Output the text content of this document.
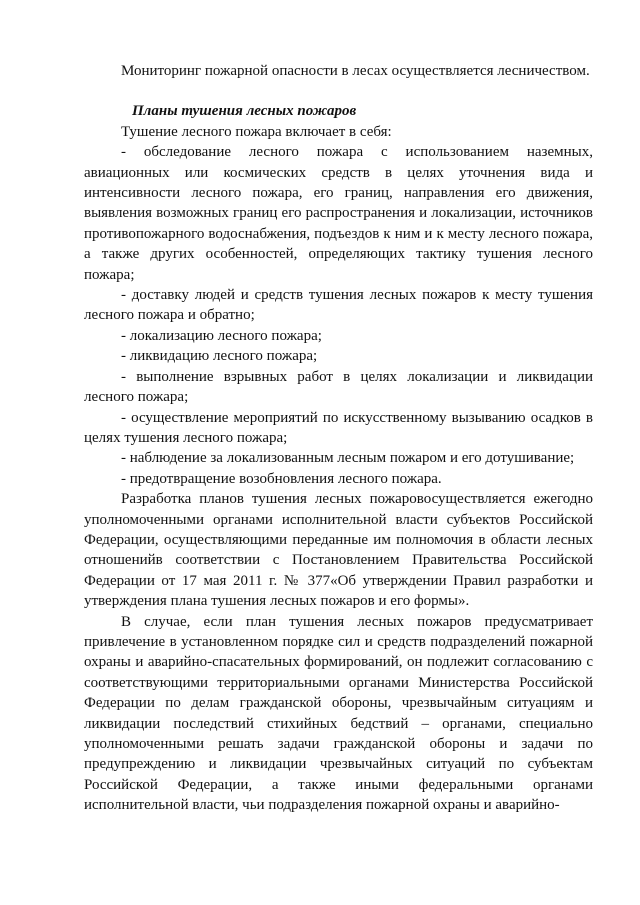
Мониторинг пожарной опасности в лесах осуществляется лесничеством.

Планы тушения лесных пожаров

Тушение лесного пожара включает в себя:

- обследование лесного пожара с использованием наземных, авиационных или космических средств в целях уточнения вида и интенсивности лесного пожара, его границ, направления его движения, выявления возможных границ его распространения и локализации, источников противопожарного водоснабжения, подъездов к ним и к месту лесного пожара, а также других особенностей, определяющих тактику тушения лесного пожара;

- доставку людей и средств тушения лесных пожаров к месту тушения лесного пожара и обратно;

- локализацию лесного пожара;

- ликвидацию лесного пожара;

- выполнение взрывных работ в целях локализации и ликвидации лесного пожара;

- осуществление мероприятий по искусственному вызыванию осадков в целях тушения лесного пожара;

- наблюдение за локализованным лесным пожаром и его дотушивание;

- предотвращение возобновления лесного пожара.

Разработка планов тушения лесных пожаровосуществляется ежегодно уполномоченными органами исполнительной власти субъектов Российской Федерации, осуществляющими переданные им полномочия в области лесных отношенийв соответствии с Постановлением Правительства Российской Федерации от 17 мая 2011 г. № 377«Об утверждении Правил разработки и утверждения плана тушения лесных пожаров и его формы».

В случае, если план тушения лесных пожаров предусматривает привлечение в установленном порядке сил и средств подразделений пожарной охраны и аварийно-спасательных формирований, он подлежит согласованию с соответствующими территориальными органами Министерства Российской Федерации по делам гражданской обороны, чрезвычайным ситуациям и ликвидации последствий стихийных бедствий – органами, специально уполномоченными решать задачи гражданской обороны и задачи по предупреждению и ликвидации чрезвычайных ситуаций по субъектам Российской Федерации, а также иными федеральными органами исполнительной власти, чьи подразделения пожарной охраны и аварийно-
